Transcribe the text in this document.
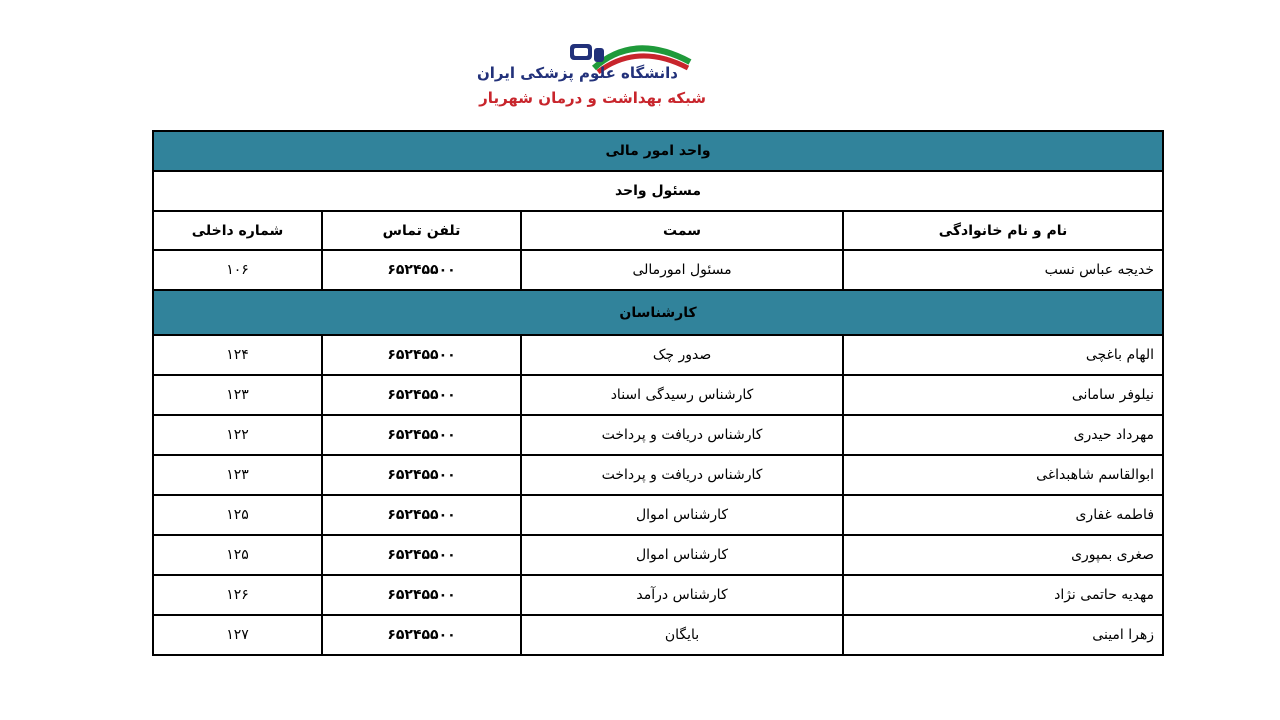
دانشگاه علوم پزشکی ایران
شبکه بهداشت و درمان شهریار
واحد امور مالی			
مسئول واحد			
نام و نام خانوادگی	سمت	تلفن تماس	شماره داخلی
خدیجه عباس نسب	مسئول امورمالی	۶۵۲۴۵۵۰۰	۱۰۶
کارشناسان			
الهام باغچی	صدور چک	۶۵۲۴۵۵۰۰	۱۲۴
نیلوفر سامانی	کارشناس رسیدگی اسناد	۶۵۲۴۵۵۰۰	۱۲۳
مهرداد حیدری	کارشناس دریافت و پرداخت	۶۵۲۴۵۵۰۰	۱۲۲
ابوالقاسم شاهبداغی	کارشناس دریافت و پرداخت	۶۵۲۴۵۵۰۰	۱۲۳
فاطمه غفاری	کارشناس اموال	۶۵۲۴۵۵۰۰	۱۲۵
صغری بمپوری	کارشناس اموال	۶۵۲۴۵۵۰۰	۱۲۵
مهدیه حاتمی نژاد	کارشناس درآمد	۶۵۲۴۵۵۰۰	۱۲۶
زهرا امینی	بایگان	۶۵۲۴۵۵۰۰	۱۲۷
